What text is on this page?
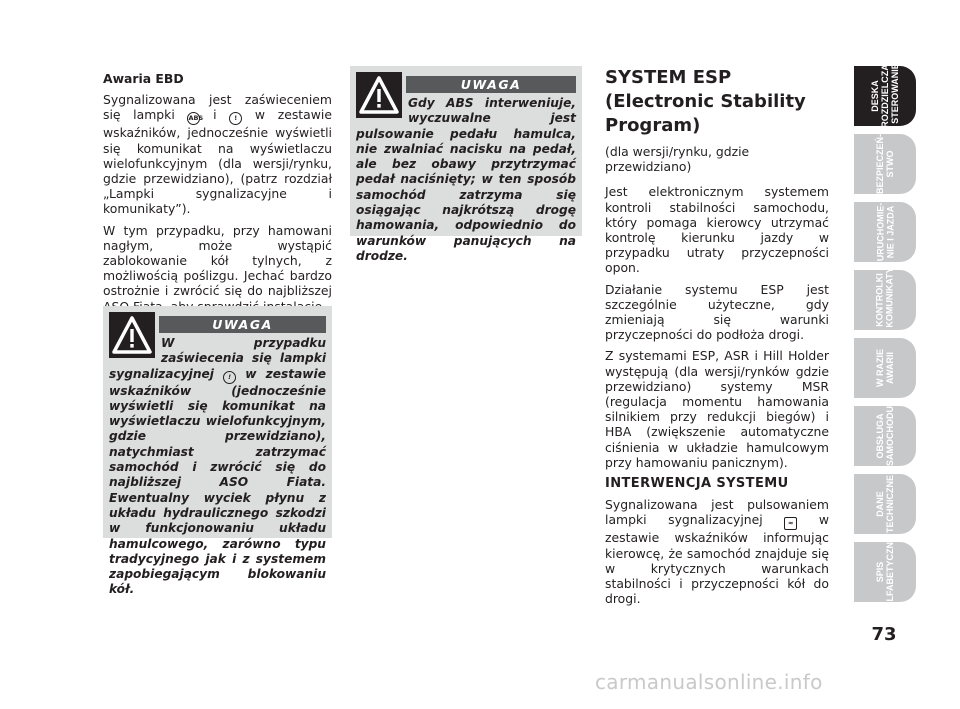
Awaria EBD

Sygnalizowana jest zaświeceniem się lampki ABS i	! w zestawie wskaźników, jednocześnie wyświetli się komunikat na wyświetlaczu wielofunkcyjnym (dla wersji/rynku, gdzie przewidziano), (patrz rozdział „Lampki sygnalizacyjne i komunikaty”).

W tym przypadku, przy hamowani nagłym, może wystąpić zablokowanie kół tylnych, z możliwością poślizgu. Jechać bardzo ostrożnie i zwrócić się do najbliższej

UWAGA
W przypadku zaświecenia się lampki sygnalizacyjnej ! w zestawie wskaźników (jednocześnie wyświetli się komunikat na wyświetlaczu wielofunkcyjnym, gdzie przewidziano), natychmiast zatrzymać samochód i zwrócić się do najbliższej ASO Fiata. Ewentualny wyciek płynu z układu hydraulicznego szkodzi w funkcjonowaniu układu hamulcowego, zarówno typu tradycyjnego jak i z systemem zapobiegającym blokowaniu kół.
UWAGA
Gdy ABS interweniuje, wyczuwalne jest pulsowanie pedału hamulca, nie zwalniać nacisku na pedał, ale bez obawy przytrzymać pedał naciśnięty; w ten sposób samochód zatrzyma się osiągając najkrótszą drogę hamowania, odpowiednio do warunków panujących na drodze.

SYSTEM ESP (Electronic Stability Program)

(dla wersji/rynku, gdzie przewidziano)

Jest elektronicznym systemem kontroli stabilności samochodu, który pomaga kierowcy utrzymać kontrolę kierunku jazdy w przypadku utraty przyczepności opon.

Działanie systemu ESP jest szczególnie użyteczne, gdy zmieniają się warunki przyczepności do podłoża drogi.

Z systemami ESP, ASR i Hill Holder występują (dla wersji/rynków gdzie przewidziano) systemy MSR (regulacja momentu hamowania silnikiem przy redukcji biegów) i HBA (zwiększenie automatyczne ciśnienia w układzie hamulcowym przy hamowaniu panicznym).

INTERWENCJA SYSTEMU

Sygnalizowana jest pulsowaniem lampki sygnalizacyjnej	≈ w zestawie wskaźników informując kierowcę, że samochód znajduje się w krytycznych warunkach stabilności i przyczepności kół do drogi.

DESKA
ROZDZIELCZA
I STEROWANIE
BEZPIECZEŃ-
STWO
URUCHOMIE-
NIE I JAZDA
KONTROLKI
I KOMUNIKATY
W RAZIE
AWARII
OBSŁUGA
SAMOCHODU
DANE
TECHNICZNE
SPIS
ALFABETYCZNY
73
carmanualsonline.info
